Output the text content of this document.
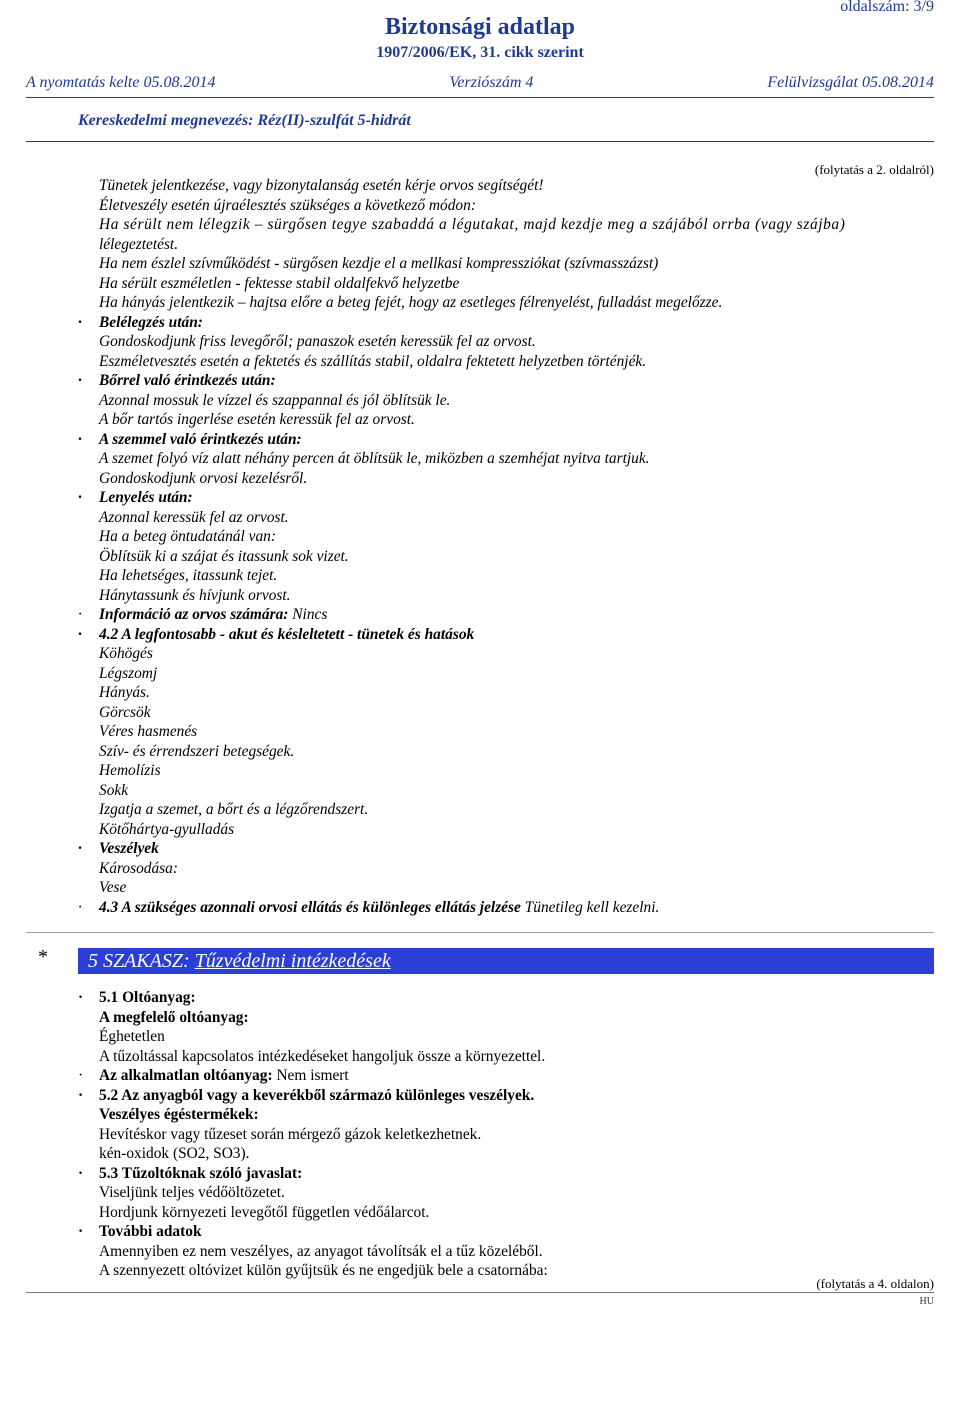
oldalszám: 3/9
Biztonsági adatlap
1907/2006/EK, 31. cikk szerint
A nyomtatás kelte 05.08.2014	Verziószám 4	Felülvizsgálat 05.08.2014
Kereskedelmi megnevezés: Réz(II)-szulfát 5-hidrát
(folytatás a 2. oldalról)
Tünetek jelentkezése, vagy bizonytalanság esetén kérje orvos segítségét!
Életveszély esetén újraélesztés szükséges a következő módon:
Ha sérült nem lélegzik – sürgősen tegye szabaddá a légutakat, majd kezdje meg a szájából orrba (vagy szájba)
lélegeztetést.
Ha nem észlel szívműködést - sürgősen kezdje el a mellkasi kompressziókat (szívmasszázst)
Ha sérült eszméletlen - fektesse stabil oldalfekvő helyzetbe
Ha hányás jelentkezik – hajtsa előre a beteg fejét, hogy az esetleges félrenyelést, fulladást megelőzze.
· Belélegzés után:
Gondoskodjunk friss levegőről; panaszok esetén keressük fel az orvost.
Eszméletvesztés esetén a fektetés és szállítás stabil, oldalra fektetett helyzetben történjék.
· Bőrrel való érintkezés után:
Azonnal mossuk le vízzel és szappannal és jól öblítsük le.
A bőr tartós ingerlése esetén keressük fel az orvost.
· A szemmel való érintkezés után:
A szemet folyó víz alatt néhány percen át öblítsük le, miközben a szemhéjat nyitva tartjuk.
Gondoskodjunk orvosi kezelésről.
· Lenyelés után:
Azonnal keressük fel az orvost.
Ha a beteg öntudatánál van:
Öblítsük ki a szájat és itassunk sok vizet.
Ha lehetséges, itassunk tejet.
Hánytassunk és hívjunk orvost.
· Információ az orvos számára: Nincs
· 4.2 A legfontosabb - akut és késleltetett - tünetek és hatások
Köhögés
Légszomj
Hányás.
Görcsök
Véres hasmenés
Szív- és érrendszeri betegségek.
Hemolízis
Sokk
Izgatja a szemet, a bőrt és a légzőrendszert.
Kötőhártya-gyulladás
· Veszélyek
Károsodása:
Vese
· 4.3 A szükséges azonnali orvosi ellátás és különleges ellátás jelzése Tünetileg kell kezelni.
* 5 SZAKASZ: Tűzvédelmi intézkedések
· 5.1 Oltóanyag:
A megfelelő oltóanyag:
Éghetetlen
A tűzoltással kapcsolatos intézkedéseket hangoljuk össze a környezettel.
· Az alkalmatlan oltóanyag: Nem ismert
· 5.2 Az anyagból vagy a keverékből származó különleges veszélyek.
Veszélyes égéstermékek:
Hevítéskor vagy tűzeset során mérgező gázok keletkezhetnek.
kén-oxidok (SO2, SO3).
· 5.3 Tűzoltóknak szóló javaslat:
Viseljünk teljes védőöltözetet.
Hordjunk környezeti levegőtől független védőálarcot.
· További adatok
Amennyiben ez nem veszélyes, az anyagot távolítsák el a tűz közeléből.
A szennyezett oltóvizet külön gyűjtsük és ne engedjük bele a csatornába:
(folytatás a 4. oldalon)
HU
